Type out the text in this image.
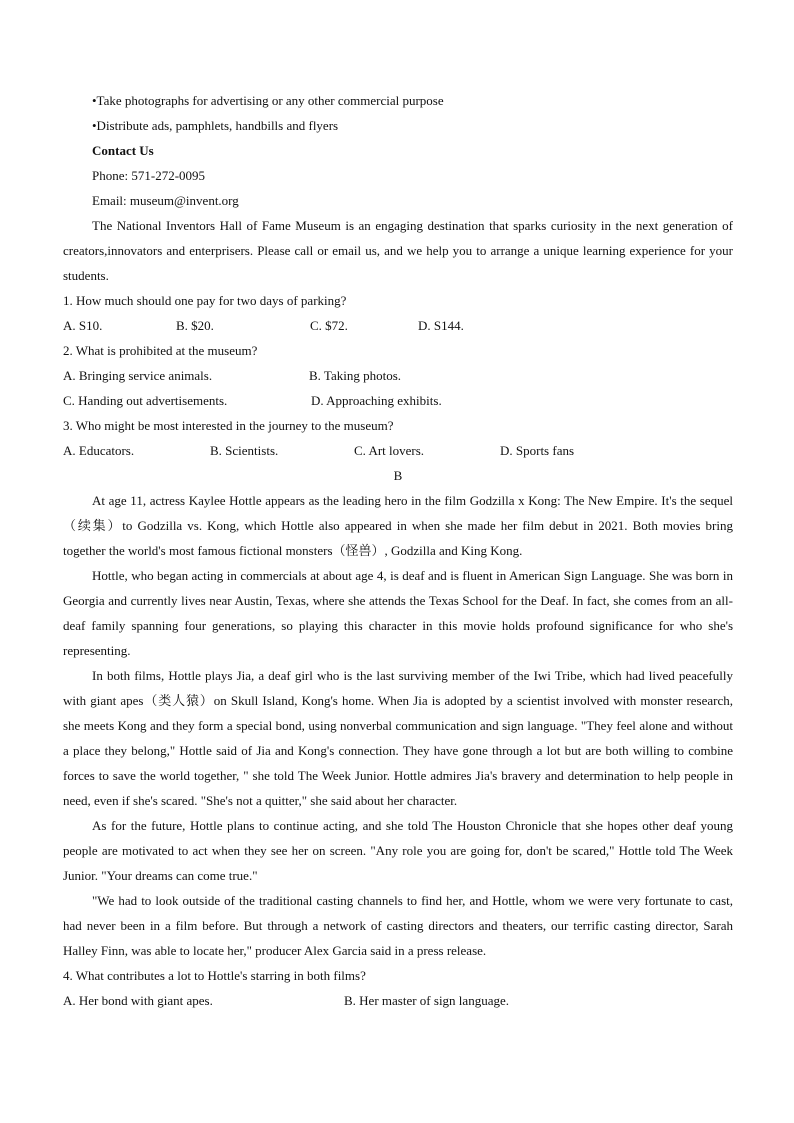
•Take photographs for advertising or any other commercial purpose
•Distribute ads, pamphlets, handbills and flyers
Contact Us
Phone: 571-272-0095
Email: museum@invent.org

The National Inventors Hall of Fame Museum is an engaging destination that sparks curiosity in the next generation of creators,innovators and enterprisers. Please call or email us, and we help you to arrange a unique learning experience for your students.

1. How much should one pay for two days of parking?
A. S10.	B. $20.	C. $72.	D. S144.
2. What is prohibited at the museum?
A. Bringing service animals.	B. Taking photos.
C. Handing out advertisements.	D. Approaching exhibits.
3. Who might be most interested in the journey to the museum?
A. Educators.	B. Scientists.	C. Art lovers.	D. Sports fans
B

At age 11, actress Kaylee Hottle appears as the leading hero in the film Godzilla x Kong: The New Empire. It's the sequel（续集）to Godzilla vs. Kong, which Hottle also appeared in when she made her film debut in 2021. Both movies bring together the world's most famous fictional monsters（怪兽）, Godzilla and King Kong.

Hottle, who began acting in commercials at about age 4, is deaf and is fluent in American Sign Language. She was born in Georgia and currently lives near Austin, Texas, where she attends the Texas School for the Deaf. In fact, she comes from an all-deaf family spanning four generations, so playing this character in this movie holds profound significance for who she's representing.

In both films, Hottle plays Jia, a deaf girl who is the last surviving member of the Iwi Tribe, which had lived peacefully with giant apes（类人猿）on Skull Island, Kong's home. When Jia is adopted by a scientist involved with monster research, she meets Kong and they form a special bond, using nonverbal communication and sign language. "They feel alone and without a place they belong," Hottle said of Jia and Kong's connection. They have gone through a lot but are both willing to combine forces to save the world together, " she told The Week Junior. Hottle admires Jia's bravery and determination to help people in need, even if she's scared. "She's not a quitter," she said about her character.

As for the future, Hottle plans to continue acting, and she told The Houston Chronicle that she hopes other deaf young people are motivated to act when they see her on screen. "Any role you are going for, don't be scared," Hottle told The Week Junior. "Your dreams can come true."

"We had to look outside of the traditional casting channels to find her, and Hottle, whom we were very fortunate to cast, had never been in a film before. But through a network of casting directors and theaters, our terrific casting director, Sarah Halley Finn, was able to locate her," producer Alex Garcia said in a press release.

4. What contributes a lot to Hottle's starring in both films?
A. Her bond with giant apes.	B. Her master of sign language.
